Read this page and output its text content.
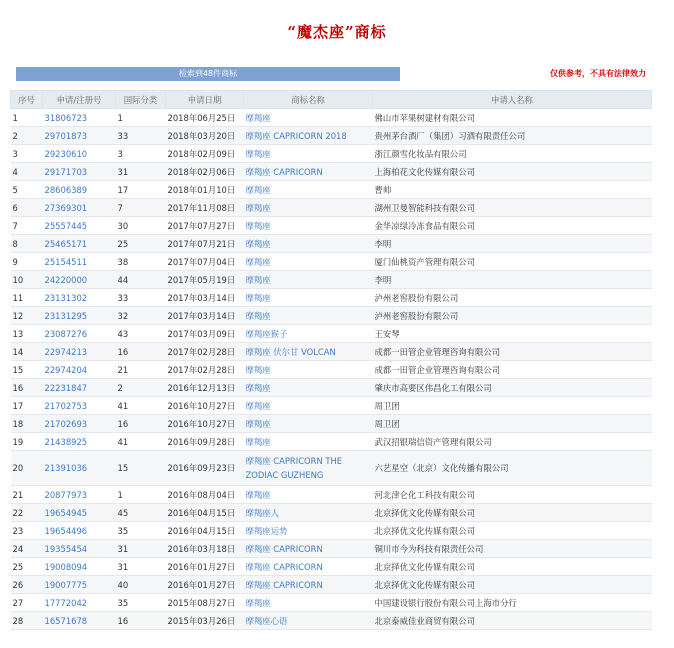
“魔杰座”商标
检索到48件商标	仅供参考，不具有法律效力
序号	申请/注册号	国际分类	申请日期	商标名称	申请人名称
1	31806723	1	2018年06月25日	摩羯座	佛山市苹果树建材有限公司
2	29701873	33	2018年03月20日	摩羯座 CAPRICORN 2018	贵州茅台酒厂（集团）习酒有限责任公司
3	29230610	3	2018年02月09日	摩羯座	浙江颜雪化妆品有限公司
4	29171703	31	2018年02月06日	摩羯座 CAPRICORN	上海柏花文化传媒有限公司
5	28606389	17	2018年01月10日	摩羯座	曹帅
6	27369301	7	2017年11月08日	摩羯座	湖州卫曼智能科技有限公司
7	25557445	30	2017年07月27日	摩羯座	金华凉绿冷冻食品有限公司
8	25465171	25	2017年07月21日	摩羯座	李明
9	25154511	38	2017年07月04日	摩羯座	厦门仙桃资产管理有限公司
10	24220000	44	2017年05月19日	摩羯座	李明
11	23131302	33	2017年03月14日	摩羯座	泸州老窖股份有限公司
12	23131295	32	2017年03月14日	摩羯座	泸州老窖股份有限公司
13	23087276	43	2017年03月09日	摩羯座猴子	王安琴
14	22974213	16	2017年02月28日	摩羯座 伏尔甘 VOLCAN	成都一田管企业管理咨询有限公司
15	22974204	21	2017年02月28日	摩羯座	成都一田管企业管理咨询有限公司
16	22231847	2	2016年12月13日	摩羯座	肇庆市高要区伟昌化工有限公司
17	21702753	41	2016年10月27日	摩羯座	周卫团
18	21702693	16	2016年10月27日	摩羯座	周卫团
19	21438925	41	2016年09月28日	摩羯座	武汉招银瑞信资产管理有限公司
20	21391036	15	2016年09月23日	摩羯座 CAPRICORN THE ZODIAC GUZHENG	六艺星空（北京）文化传播有限公司
21	20877973	1	2016年08月04日	摩羯座	河北津仑化工科技有限公司
22	19654945	45	2016年04月15日	摩羯座人	北京择优文化传媒有限公司
23	19654496	35	2016年04月15日	摩羯座运势	北京择优文化传媒有限公司
24	19355454	31	2016年03月18日	摩羯座 CAPRICORN	铜川市今为科技有限责任公司
25	19008094	31	2016年01月27日	摩羯座 CAPRICORN	北京择优文化传媒有限公司
26	19007775	40	2016年01月27日	摩羯座 CAPRICORN	北京择优文化传媒有限公司
27	17772042	35	2015年08月27日	摩羯座	中国建设银行股份有限公司上海市分行
28	16571678	16	2015年03月26日	摩羯座心语	北京泰威佳业商贸有限公司
